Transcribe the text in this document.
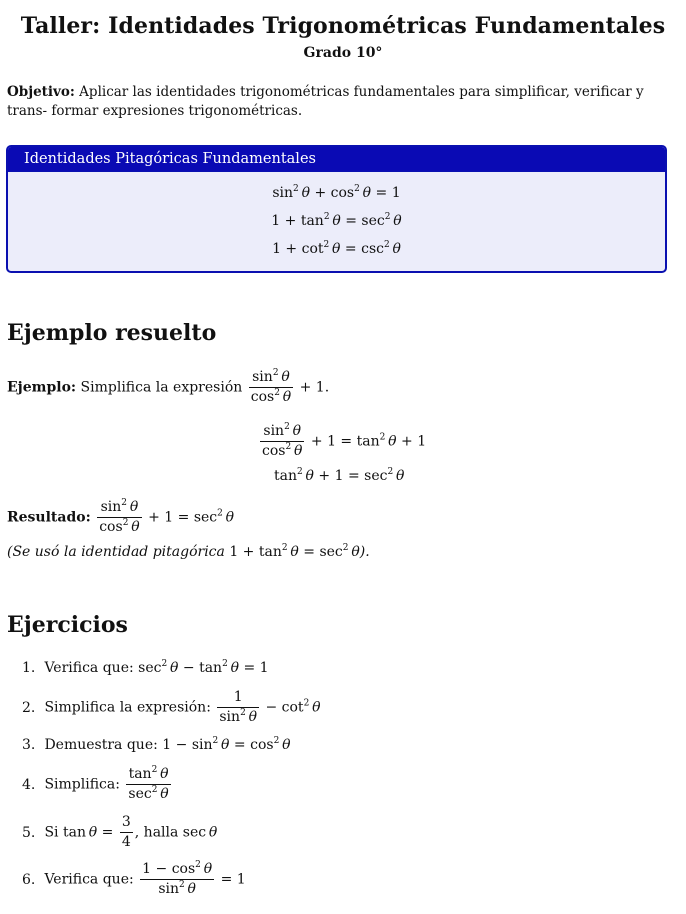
Taller: Identidades Trigonométricas Fundamentales
Grado 10°
Objetivo: Aplicar las identidades trigonométricas fundamentales para simplificar, verificar y trans- formar expresiones trigonométricas.
Identidades Pitagóricas Fundamentales
$\sin^2 \theta + \cos^2 \theta = 1$
$1 + \tan^2 \theta = \sec^2 \theta$
$1 + \cot^2 \theta = \csc^2 \theta$
Ejemplo resuelto
Ejemplo: Simplifica la expresión $\frac{\sin^2 \theta}{\cos^2 \theta} + 1$.
$\frac{\sin^2 \theta}{\cos^2 \theta} + 1 = \tan^2 \theta + 1$
$\tan^2 \theta + 1 = \sec^2 \theta$
Resultado: $\frac{\sin^2 \theta}{\cos^2 \theta} + 1 = \sec^2 \theta$
(Se usó la identidad pitagórica $1 + \tan^2 \theta = \sec^2 \theta$).
Ejercicios
1. Verifica que: $\sec^2 \theta - \tan^2 \theta = 1$
2. Simplifica la expresión: $\frac{1}{\sin^2 \theta} - \cot^2 \theta$
3. Demuestra que: $1 - \sin^2 \theta = \cos^2 \theta$
4. Simplifica: $\frac{\tan^2 \theta}{\sec^2 \theta}$
5. Si $\tan \theta = \frac{3}{4}$ , halla sec θ
6. Verifica que: $\frac{1 - \cos^2 \theta}{\sin^2 \theta} = 1$
